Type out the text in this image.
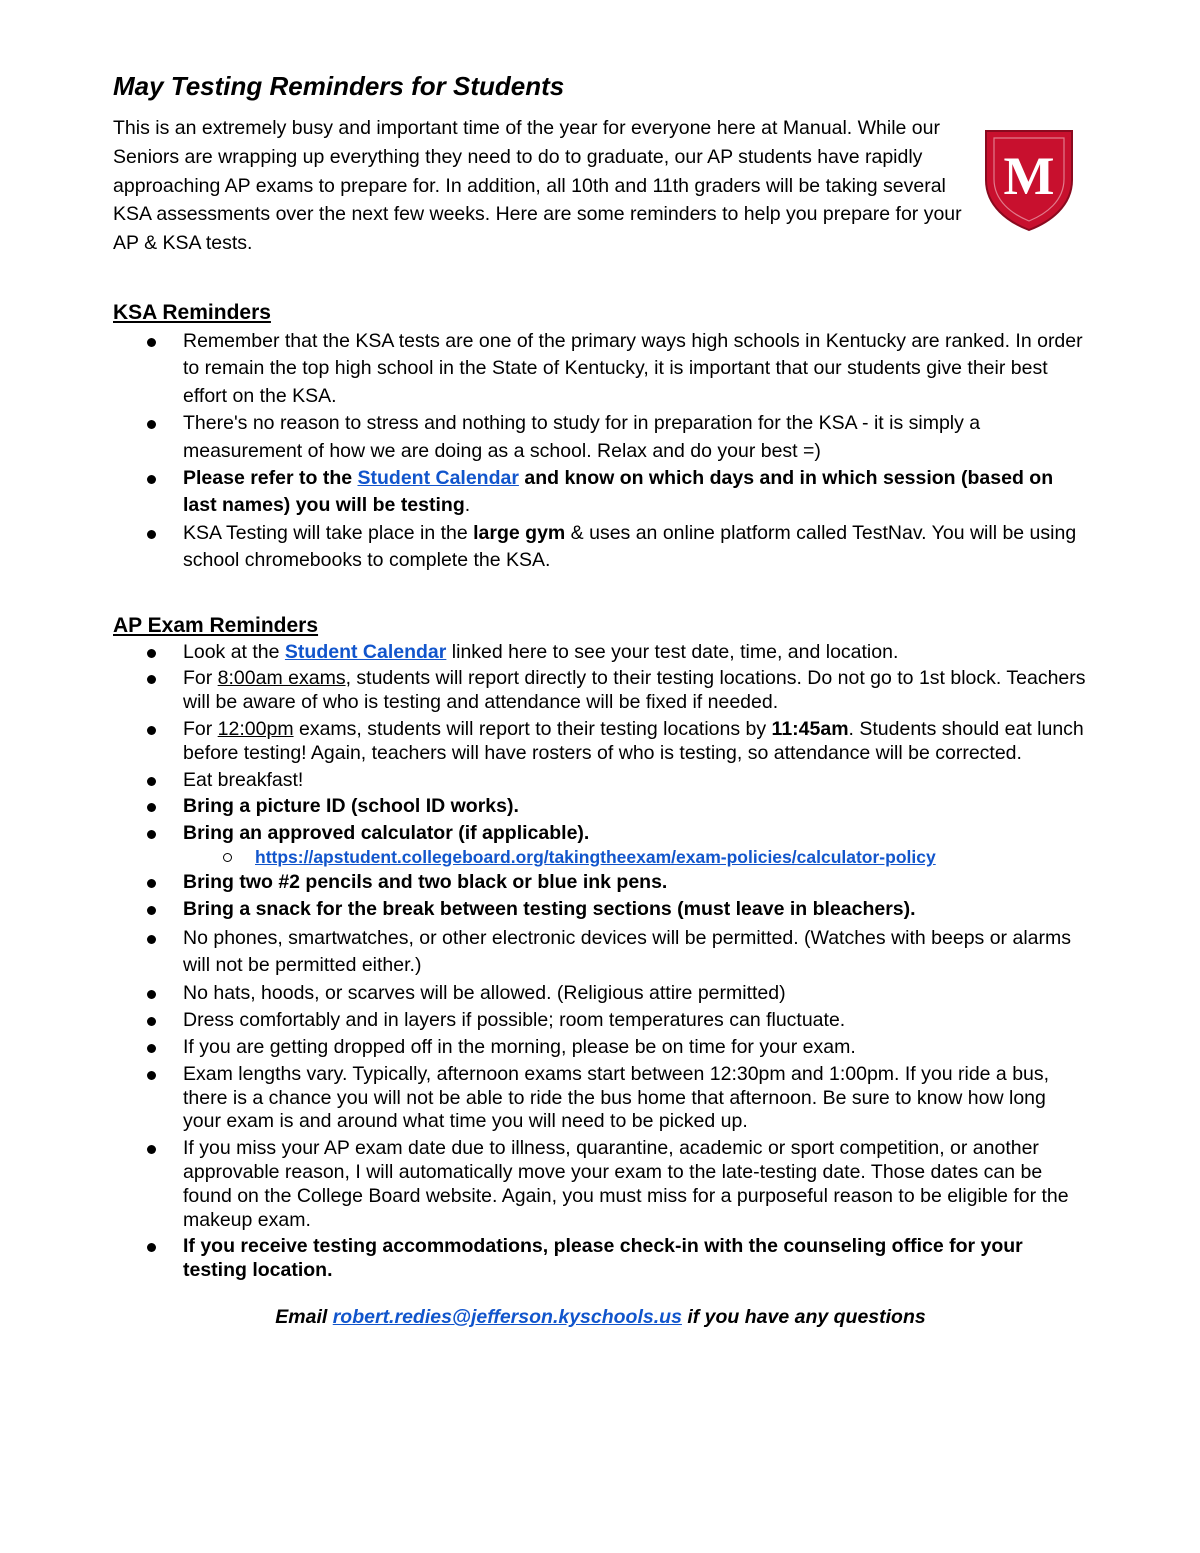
May Testing Reminders for Students

This is an extremely busy and important time of the year for everyone here at Manual. While our Seniors are wrapping up everything they need to do to graduate, our AP students have rapidly approaching AP exams to prepare for. In addition, all 10th and 11th graders will be taking several KSA assessments over the next few weeks. Here are some reminders to help you prepare for your AP & KSA tests.

KSA Reminders
Remember that the KSA tests are one of the primary ways high schools in Kentucky are ranked. In order to remain the top high school in the State of Kentucky, it is important that our students give their best effort on the KSA.
There's no reason to stress and nothing to study for in preparation for the KSA - it is simply a measurement of how we are doing as a school. Relax and do your best =)
Please refer to the Student Calendar and know on which days and in which session (based on last names) you will be testing.
KSA Testing will take place in the large gym & uses an online platform called TestNav. You will be using school chromebooks to complete the KSA.
AP Exam Reminders
Look at the Student Calendar linked here to see your test date, time, and location.
For 8:00am exams, students will report directly to their testing locations. Do not go to 1st block. Teachers will be aware of who is testing and attendance will be fixed if needed.
For 12:00pm exams, students will report to their testing locations by 11:45am. Students should eat lunch before testing! Again, teachers will have rosters of who is testing, so attendance will be corrected.
Eat breakfast!
Bring a picture ID (school ID works).
Bring an approved calculator (if applicable).
https://apstudent.collegeboard.org/takingtheexam/exam-policies/calculator-policy
Bring two #2 pencils and two black or blue ink pens.
Bring a snack for the break between testing sections (must leave in bleachers).
No phones, smartwatches, or other electronic devices will be permitted. (Watches with beeps or alarms will not be permitted either.)
No hats, hoods, or scarves will be allowed. (Religious attire permitted)
Dress comfortably and in layers if possible; room temperatures can fluctuate.
If you are getting dropped off in the morning, please be on time for your exam.
Exam lengths vary. Typically, afternoon exams start between 12:30pm and 1:00pm. If you ride a bus, there is a chance you will not be able to ride the bus home that afternoon. Be sure to know how long your exam is and around what time you will need to be picked up.
If you miss your AP exam date due to illness, quarantine, academic or sport competition, or another approvable reason, I will automatically move your exam to the late-testing date. Those dates can be found on the College Board website. Again, you must miss for a purposeful reason to be eligible for the makeup exam.
If you receive testing accommodations, please check-in with the counseling office for your testing location.

Email robert.redies@jefferson.kyschools.us if you have any questions

M
